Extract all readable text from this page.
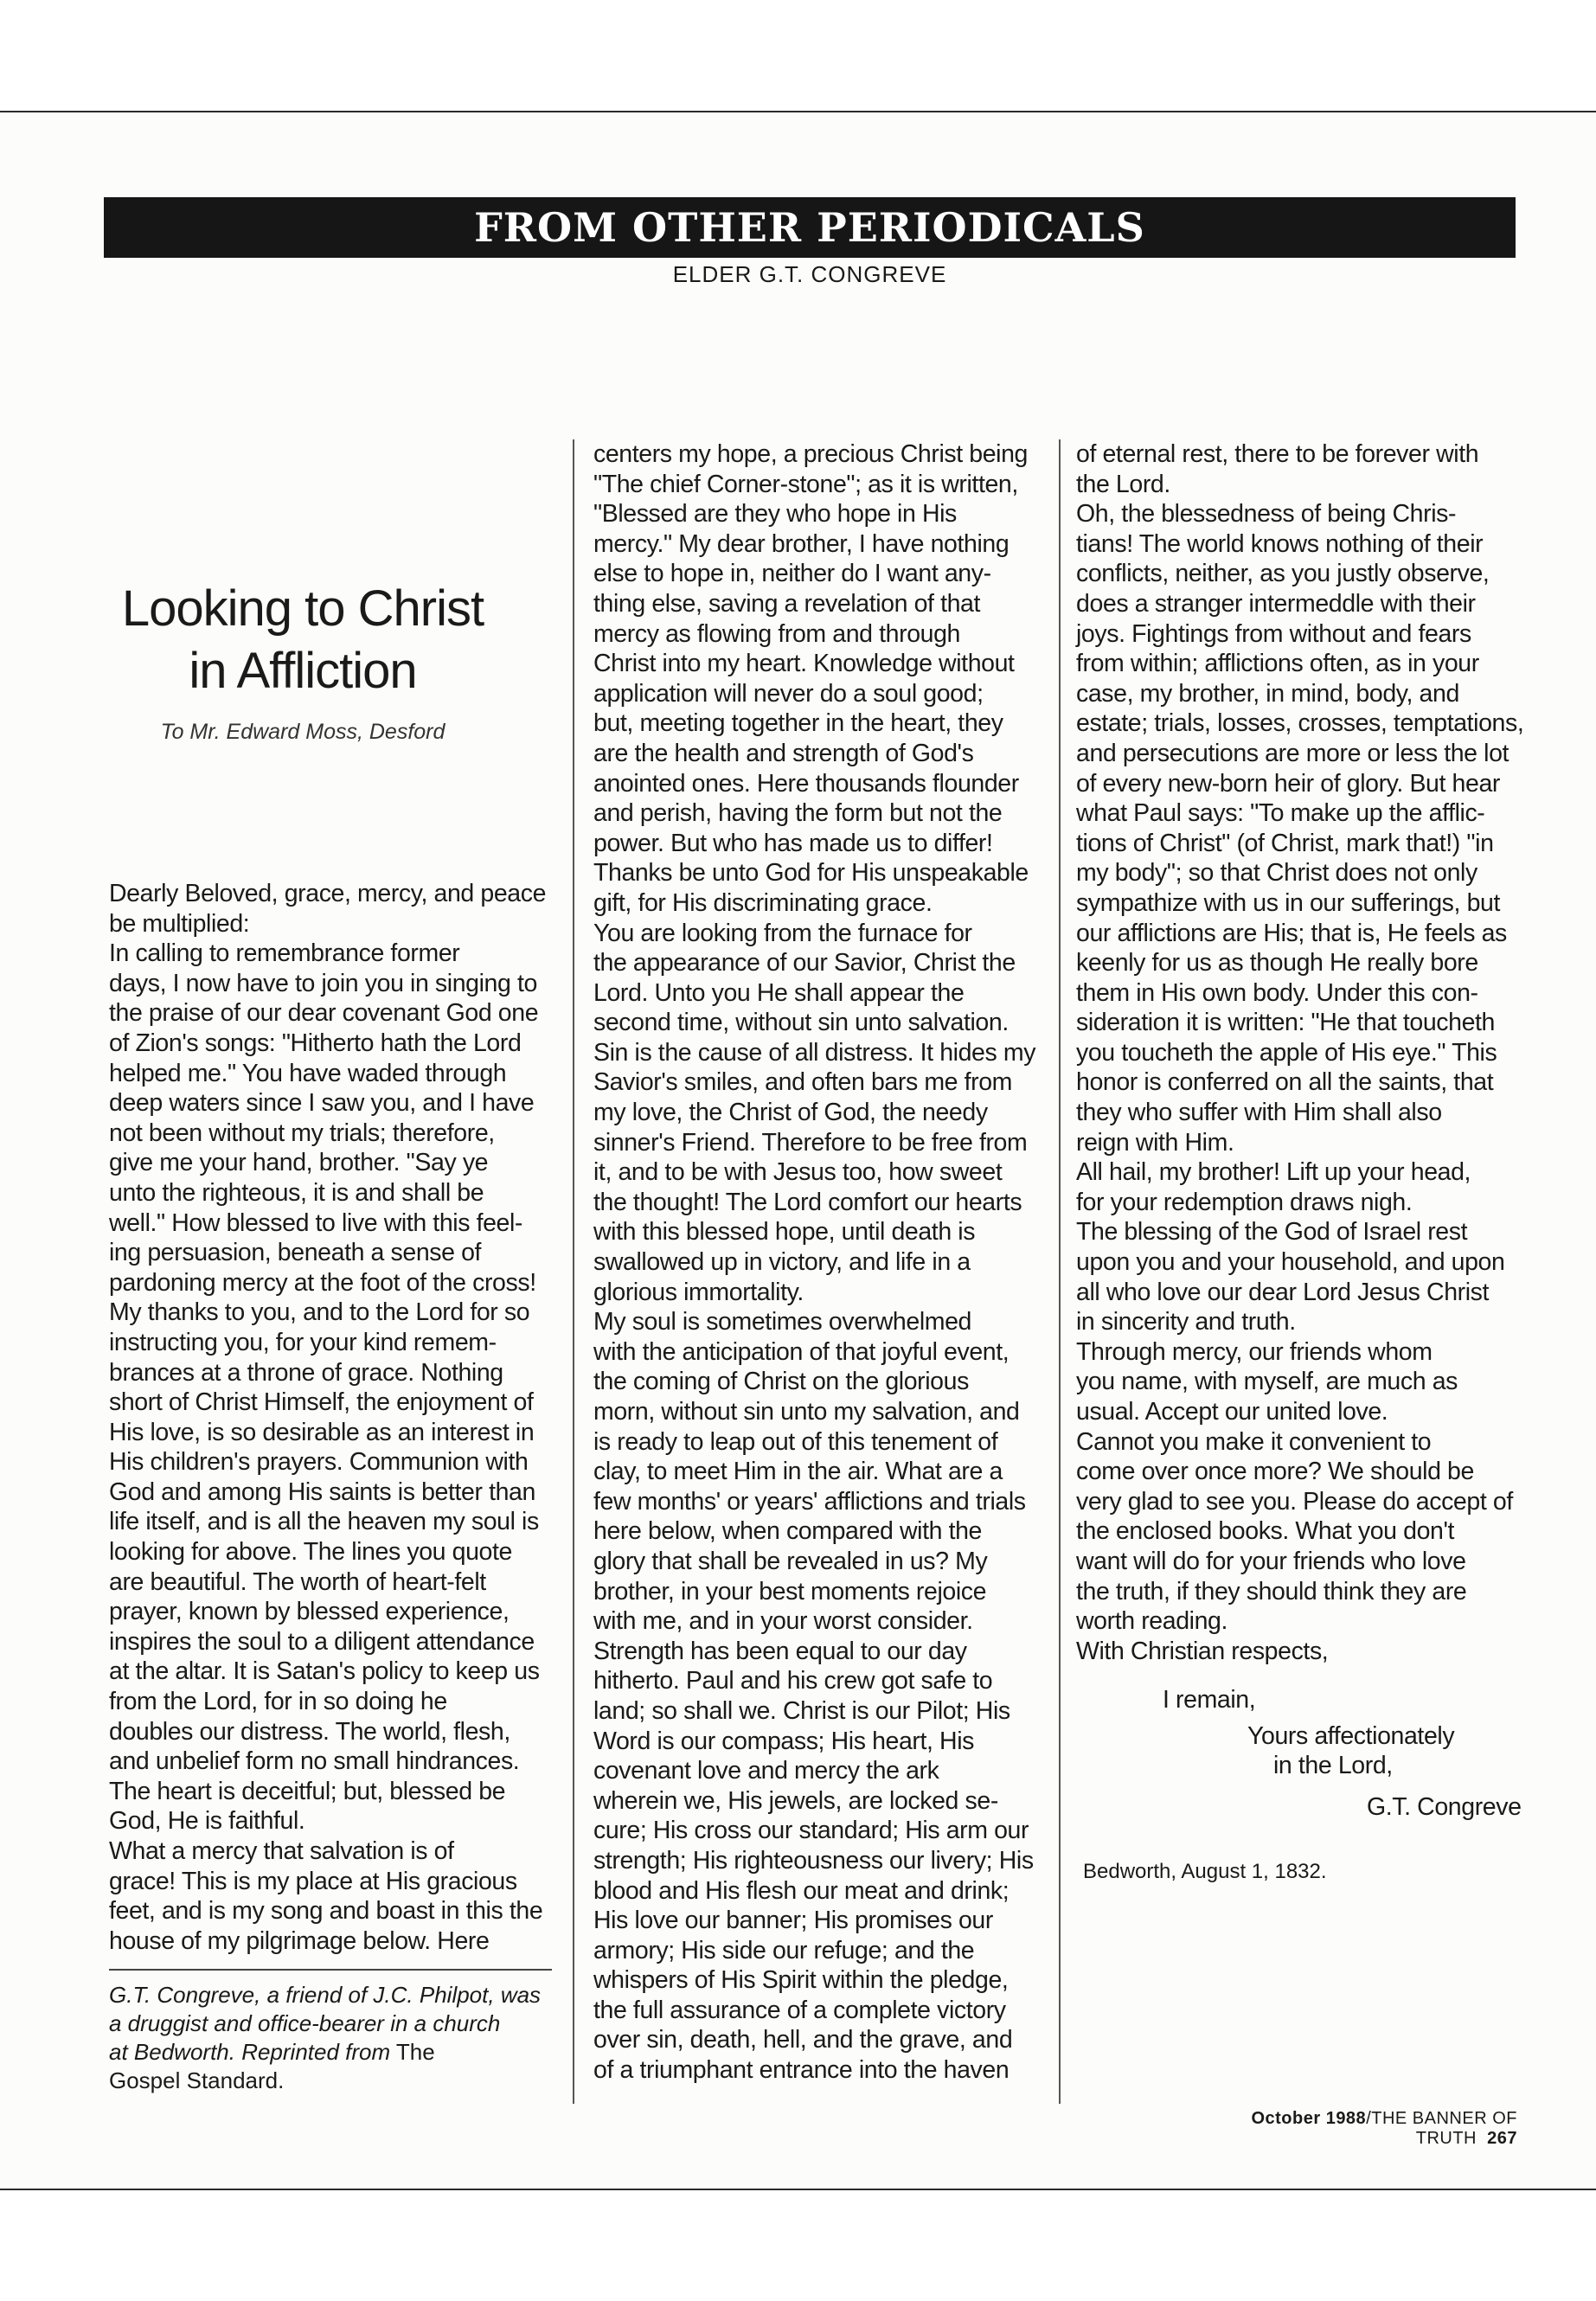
FROM OTHER PERIODICALS
ELDER G.T. CONGREVE
Looking to Christ
in Affliction
To Mr. Edward Moss, Desford
Dearly Beloved, grace, mercy, and peace
be multiplied:
In calling to remembrance former
days, I now have to join you in singing to
the praise of our dear covenant God one
of Zion's songs: "Hitherto hath the Lord
helped me." You have waded through
deep waters since I saw you, and I have
not been without my trials; therefore,
give me your hand, brother. "Say ye
unto the righteous, it is and shall be
well." How blessed to live with this feel-
ing persuasion, beneath a sense of
pardoning mercy at the foot of the cross!
My thanks to you, and to the Lord for so
instructing you, for your kind remem-
brances at a throne of grace. Nothing
short of Christ Himself, the enjoyment of
His love, is so desirable as an interest in
His children's prayers. Communion with
God and among His saints is better than
life itself, and is all the heaven my soul is
looking for above. The lines you quote
are beautiful. The worth of heart-felt
prayer, known by blessed experience,
inspires the soul to a diligent attendance
at the altar. It is Satan's policy to keep us
from the Lord, for in so doing he
doubles our distress. The world, flesh,
and unbelief form no small hindrances.
The heart is deceitful; but, blessed be
God, He is faithful.
What a mercy that salvation is of
grace! This is my place at His gracious
feet, and is my song and boast in this the
house of my pilgrimage below. Here
centers my hope, a precious Christ being
"The chief Corner-stone"; as it is written,
"Blessed are they who hope in His
mercy." My dear brother, I have nothing
else to hope in, neither do I want any-
thing else, saving a revelation of that
mercy as flowing from and through
Christ into my heart. Knowledge without
application will never do a soul good;
but, meeting together in the heart, they
are the health and strength of God's
anointed ones. Here thousands flounder
and perish, having the form but not the
power. But who has made us to differ!
Thanks be unto God for His unspeakable
gift, for His discriminating grace.
You are looking from the furnace for
the appearance of our Savior, Christ the
Lord. Unto you He shall appear the
second time, without sin unto salvation.
Sin is the cause of all distress. It hides my
Savior's smiles, and often bars me from
my love, the Christ of God, the needy
sinner's Friend. Therefore to be free from
it, and to be with Jesus too, how sweet
the thought! The Lord comfort our hearts
with this blessed hope, until death is
swallowed up in victory, and life in a
glorious immortality.
My soul is sometimes overwhelmed
with the anticipation of that joyful event,
the coming of Christ on the glorious
morn, without sin unto my salvation, and
is ready to leap out of this tenement of
clay, to meet Him in the air. What are a
few months' or years' afflictions and trials
here below, when compared with the
glory that shall be revealed in us? My
brother, in your best moments rejoice
with me, and in your worst consider.
Strength has been equal to our day
hitherto. Paul and his crew got safe to
land; so shall we. Christ is our Pilot; His
Word is our compass; His heart, His
covenant love and mercy the ark
wherein we, His jewels, are locked se-
cure; His cross our standard; His arm our
strength; His righteousness our livery; His
blood and His flesh our meat and drink;
His love our banner; His promises our
armory; His side our refuge; and the
whispers of His Spirit within the pledge,
the full assurance of a complete victory
over sin, death, hell, and the grave, and
of a triumphant entrance into the haven
of eternal rest, there to be forever with
the Lord.
Oh, the blessedness of being Chris-
tians! The world knows nothing of their
conflicts, neither, as you justly observe,
does a stranger intermeddle with their
joys. Fightings from without and fears
from within; afflictions often, as in your
case, my brother, in mind, body, and
estate; trials, losses, crosses, temptations,
and persecutions are more or less the lot
of every new-born heir of glory. But hear
what Paul says: "To make up the afflic-
tions of Christ" (of Christ, mark that!) "in
my body"; so that Christ does not only
sympathize with us in our sufferings, but
our afflictions are His; that is, He feels as
keenly for us as though He really bore
them in His own body. Under this con-
sideration it is written: "He that toucheth
you toucheth the apple of His eye." This
honor is conferred on all the saints, that
they who suffer with Him shall also
reign with Him.
All hail, my brother! Lift up your head,
for your redemption draws nigh.
The blessing of the God of Israel rest
upon you and your household, and upon
all who love our dear Lord Jesus Christ
in sincerity and truth.
Through mercy, our friends whom
you name, with myself, are much as
usual. Accept our united love.
Cannot you make it convenient to
come over once more? We should be
very glad to see you. Please do accept of
the enclosed books. What you don't
want will do for your friends who love
the truth, if they should think they are
worth reading.
With Christian respects,
I remain,
Yours affectionately
in the Lord,
G.T. Congreve
Bedworth, August 1, 1832.
G.T. Congreve, a friend of J.C. Philpot, was
a druggist and office-bearer in a church
at Bedworth. Reprinted from The
Gospel Standard.
October 1988/THE BANNER OF TRUTH 267
